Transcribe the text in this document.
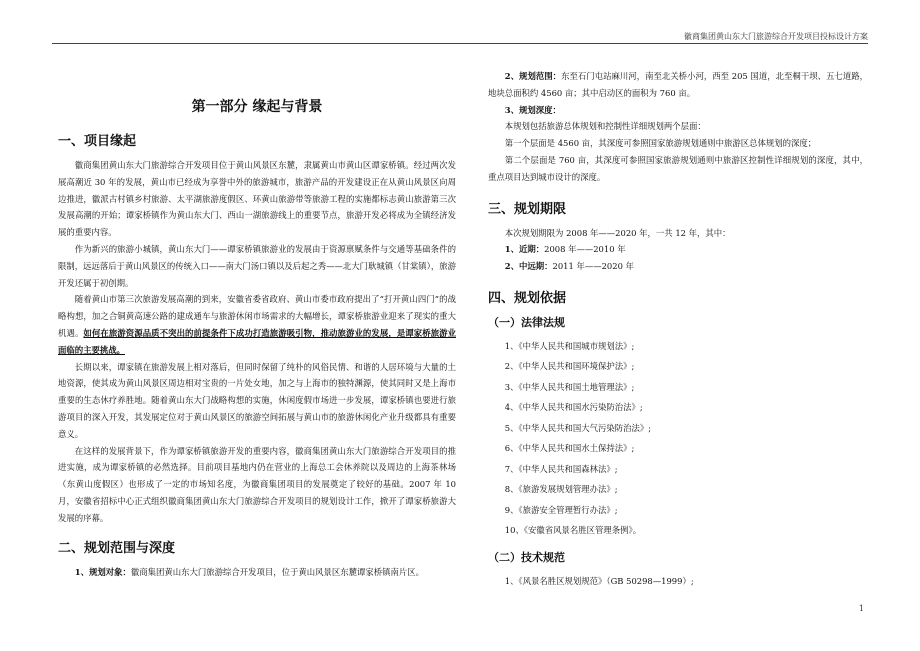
徽商集团黄山东大门旅游综合开发项目投标设计方案
第一部分 缘起与背景
一、项目缘起

徽商集团黄山东大门旅游综合开发项目位于黄山风景区东麓，隶属黄山市黄山区谭家桥镇。经过两次发展高潮近 30 年的发展，黄山市已经成为享誉中外的旅游城市，旅游产品的开发建设正在从黄山风景区向周边推进，徽派古村镇乡村旅游、太平湖旅游度假区、环黄山旅游带等旅游工程的实施都标志黄山旅游第三次发展高潮的开始；谭家桥镇作为黄山东大门、西山一湖旅游线上的重要节点，旅游开发必将成为全镇经济发展的重要内容。

作为新兴的旅游小城镇，黄山东大门——谭家桥镇旅游业的发展由于资源禀赋条件与交通等基础条件的限制，远远落后于黄山风景区的传统入口——南大门汤口镇以及后起之秀——北大门耿城镇（甘棠镇），旅游开发还属于初创期。

随着黄山市第三次旅游发展高潮的到来，安徽省委省政府、黄山市委市政府提出了“打开黄山四门”的战略构想，加之合铜黄高速公路的建成通车与旅游休闲市场需求的大幅增长，谭家桥旅游业迎来了现实的重大机遇。如何在旅游资源品质不突出的前提条件下成功打造旅游吸引物，推动旅游业的发展，是谭家桥旅游业面临的主要挑战。

长期以来，谭家镇在旅游发展上相对落后，但同时保留了纯朴的风俗民情、和谐的人居环境与大量的土地资源，使其成为黄山风景区周边相对宝贵的一片处女地，加之与上海市的独特渊源，使其同时又是上海市重要的生态休疗养胜地。随着黄山东大门战略构想的实施，休闲度假市场进一步发展，谭家桥镇也要进行旅游项目的深入开发，其发展定位对于黄山风景区的旅游空间拓展与黄山市的旅游休闲化产业升级都具有重要意义。

在这样的发展背景下，作为谭家桥镇旅游开发的重要内容，徽商集团黄山东大门旅游综合开发项目的推进实施，成为谭家桥镇的必然选择。目前项目基地内仍在营业的上海总工会休养院以及周边的上海茶林场（东黄山度假区）也形成了一定的市场知名度，为徽商集团项目的发展奠定了较好的基础。2007 年 10 月，安徽省招标中心正式组织徽商集团黄山东大门旅游综合开发项目的规划设计工作，掀开了谭家桥旅游大发展的序幕。

二、规划范围与深度

1、规划对象：徽商集团黄山东大门旅游综合开发项目，位于黄山风景区东麓谭家桥镇南片区。

2、规划范围：东至石门屯站麻川河，南至北关桥小河，西至 205 国道，北至桐干坝、五七道路，地块总面积约 4560 亩；其中启动区的面积为 760 亩。

3、规划深度：

本规划包括旅游总体规划和控制性详细规划两个层面：

第一个层面是 4560 亩，其深度可参照国家旅游规划通则中旅游区总体规划的深度；

第二个层面是 760 亩，其深度可参照国家旅游规划通则中旅游区控制性详细规划的深度，其中，重点项目达到城市设计的深度。

三、规划期限

本次规划期限为 2008 年——2020 年，一共 12 年，其中：

1、近期：2008 年——2010 年

2、中远期：2011 年——2020 年

四、规划依据
（一）法律法规
1、《中华人民共和国城市规划法》;
2、《中华人民共和国环境保护法》;
3、《中华人民共和国土地管理法》;
4、《中华人民共和国水污染防治法》;
5、《中华人民共和国大气污染防治法》;
6、《中华人民共和国水土保持法》;
7、《中华人民共和国森林法》;
8、《旅游发展规划管理办法》;
9、《旅游安全管理暂行办法》;
10、《安徽省风景名胜区管理条例》。
（二）技术规范
1、《风景名胜区规划规范》（GB 50298—1999）;
1
